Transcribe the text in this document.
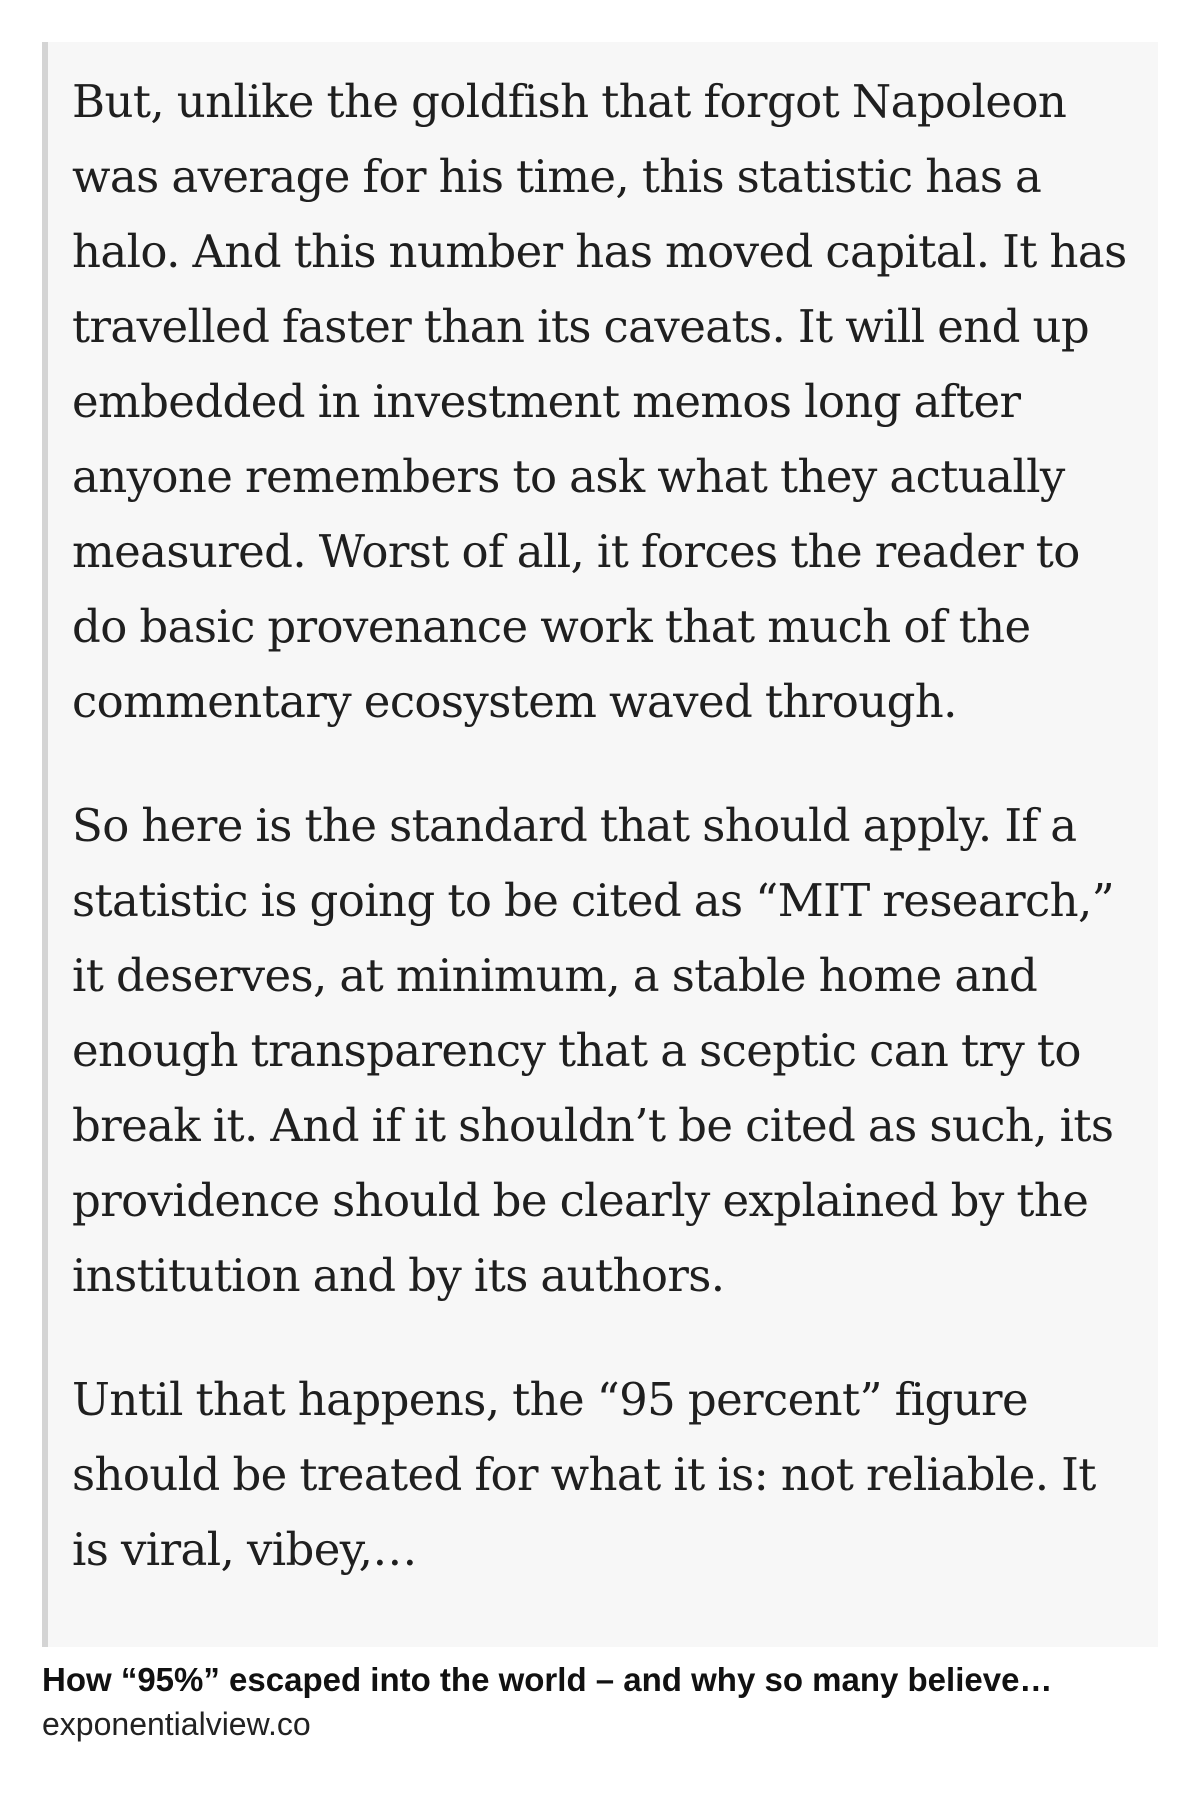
But, unlike the goldfish that forgot Napoleon was average for his time, this statistic has a halo. And this number has moved capital. It has travelled faster than its caveats. It will end up embedded in investment memos long after anyone remembers to ask what they actually measured. Worst of all, it forces the reader to do basic provenance work that much of the commentary ecosystem waved through.

So here is the standard that should apply. If a statistic is going to be cited as “MIT research,” it deserves, at minimum, a stable home and enough transparency that a sceptic can try to break it. And if it shouldn’t be cited as such, its providence should be clearly explained by the institution and by its authors.

Until that happens, the “95 percent” figure should be treated for what it is: not reliable. It is viral, vibey,…

How “95%” escaped into the world – and why so many believe…

exponentialview.co
